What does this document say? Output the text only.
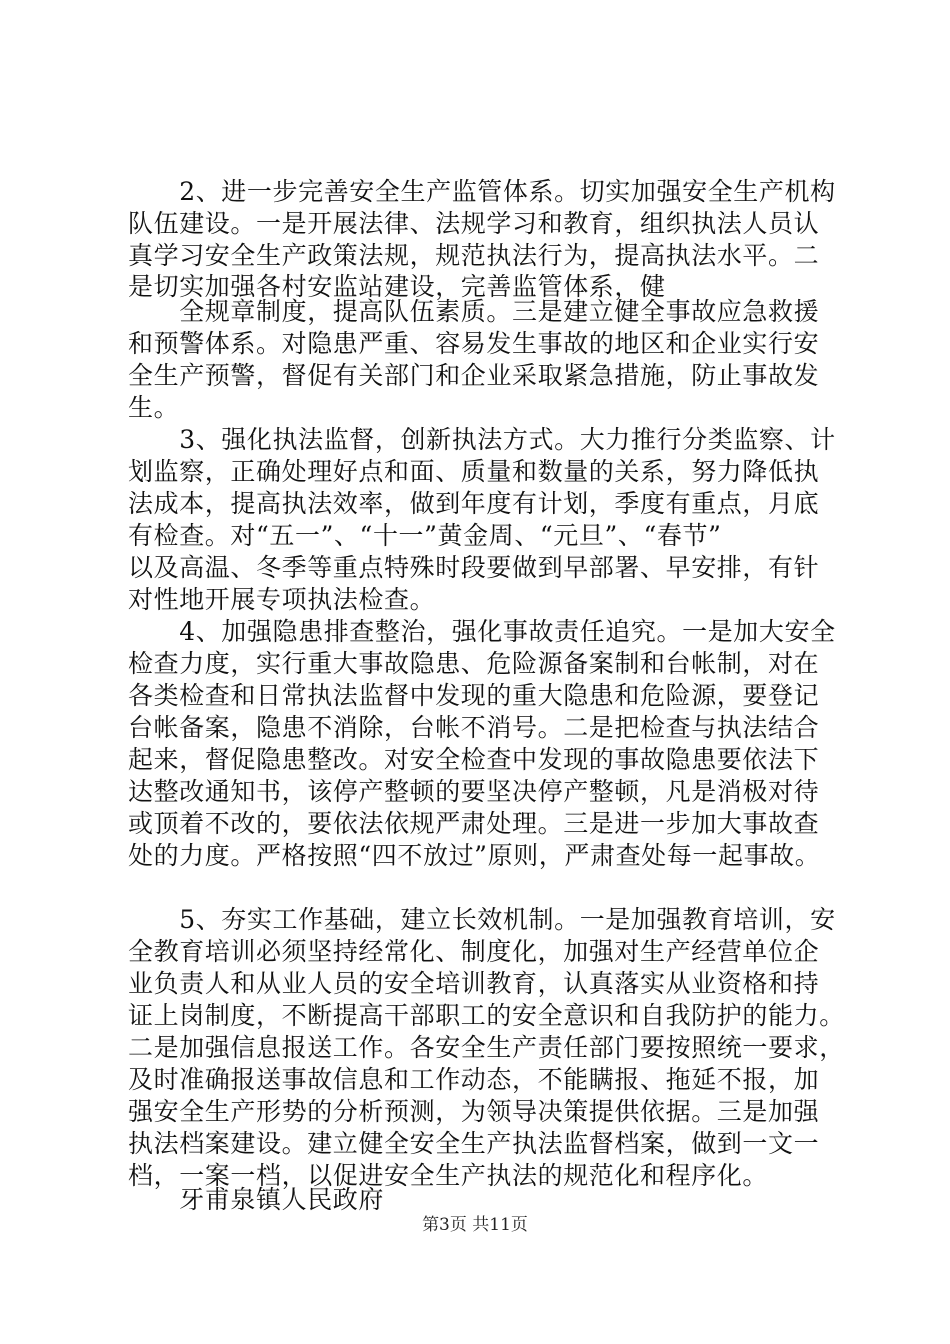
　　2、进一步完善安全生产监管体系。切实加强安全生产机构
队伍建设。一是开展法律、法规学习和教育，组织执法人员认
真学习安全生产政策法规，规范执法行为，提高执法水平。二
是切实加强各村安监站建设，完善监管体系，健
　　全规章制度，提高队伍素质。三是建立健全事故应急救援
和预警体系。对隐患严重、容易发生事故的地区和企业实行安
全生产预警，督促有关部门和企业采取紧急措施，防止事故发
生。
　　3、强化执法监督，创新执法方式。大力推行分类监察、计
划监察，正确处理好点和面、质量和数量的关系，努力降低执
法成本，提高执法效率，做到年度有计划，季度有重点，月底
有检查。对“五一”、“十一”黄金周、“元旦”、“春节”
以及高温、冬季等重点特殊时段要做到早部署、早安排，有针
对性地开展专项执法检查。
　　4、加强隐患排查整治，强化事故责任追究。一是加大安全
检查力度，实行重大事故隐患、危险源备案制和台帐制，对在
各类检查和日常执法监督中发现的重大隐患和危险源，要登记
台帐备案，隐患不消除，台帐不消号。二是把检查与执法结合
起来，督促隐患整改。对安全检查中发现的事故隐患要依法下
达整改通知书，该停产整顿的要坚决停产整顿，凡是消极对待
或顶着不改的，要依法依规严肃处理。三是进一步加大事故查
处的力度。严格按照“四不放过”原则，严肃查处每一起事故。
　　5、夯实工作基础，建立长效机制。一是加强教育培训，安
全教育培训必须坚持经常化、制度化，加强对生产经营单位企
业负责人和从业人员的安全培训教育，认真落实从业资格和持
证上岗制度，不断提高干部职工的安全意识和自我防护的能力。
二是加强信息报送工作。各安全生产责任部门要按照统一要求，
及时准确报送事故信息和工作动态，不能瞒报、拖延不报，加
强安全生产形势的分析预测，为领导决策提供依据。三是加强
执法档案建设。建立健全安全生产执法监督档案，做到一文一
档，一案一档，以促进安全生产执法的规范化和程序化。
　　牙甫泉镇人民政府
第3页 共11页
